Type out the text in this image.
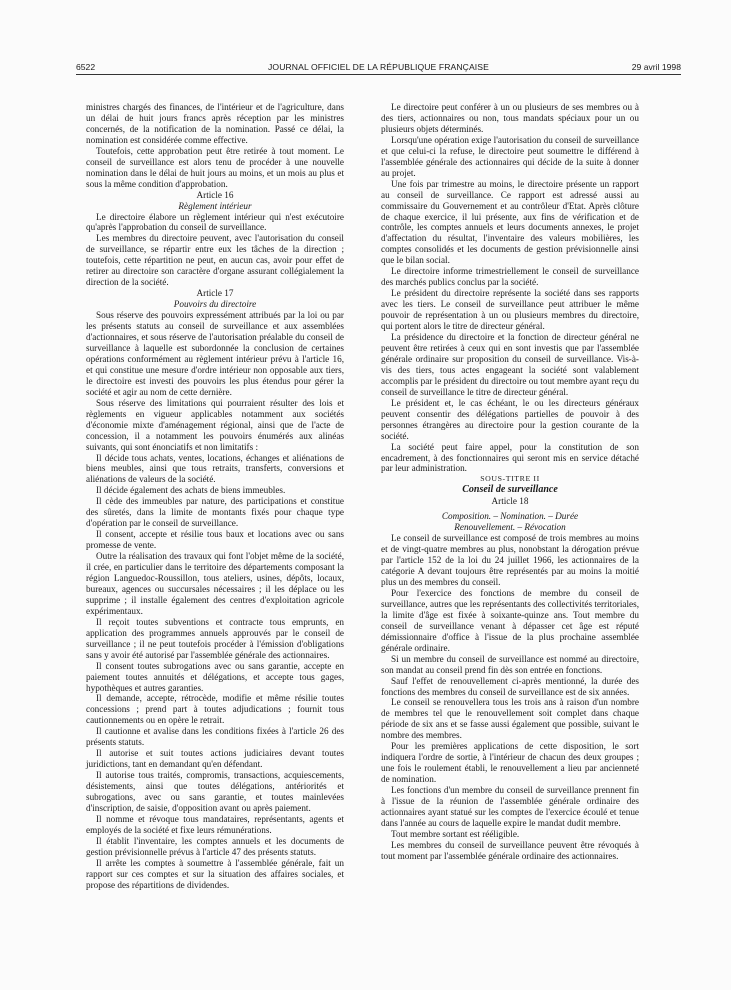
6522	JOURNAL OFFICIEL DE LA RÉPUBLIQUE FRANÇAISE	29 avril 1998

ministres chargés des finances, de l'intérieur et de l'agriculture, dans un délai de huit jours francs après réception par les ministres concernés, de la notification de la nomination. Passé ce délai, la nomination est considérée comme effective.

Toutefois, cette approbation peut être retirée à tout moment. Le conseil de surveillance est alors tenu de procéder à une nouvelle nomination dans le délai de huit jours au moins, et un mois au plus et sous la même condition d'approbation.

Article 16

Règlement intérieur

Le directoire élabore un règlement intérieur qui n'est exécutoire qu'après l'approbation du conseil de surveillance.

Les membres du directoire peuvent, avec l'autorisation du conseil de surveillance, se répartir entre eux les tâches de la direction ; toutefois, cette répartition ne peut, en aucun cas, avoir pour effet de retirer au directoire son caractère d'organe assurant collégialement la direction de la société.

Article 17

Pouvoirs du directoire

Sous réserve des pouvoirs expressément attribués par la loi ou par les présents statuts au conseil de surveillance et aux assemblées d'actionnaires, et sous réserve de l'autorisation préalable du conseil de surveillance à laquelle est subordonnée la conclusion de certaines opérations conformément au règlement intérieur prévu à l'article 16, et qui constitue une mesure d'ordre intérieur non opposable aux tiers, le directoire est investi des pouvoirs les plus étendus pour gérer la société et agir au nom de cette dernière.

Sous réserve des limitations qui pourraient résulter des lois et règlements en vigueur applicables notamment aux sociétés d'économie mixte d'aménagement régional, ainsi que de l'acte de concession, il a notamment les pouvoirs énumérés aux alinéas suivants, qui sont énonciatifs et non limitatifs :

Il décide tous achats, ventes, locations, échanges et aliénations de biens meubles, ainsi que tous retraits, transferts, conversions et aliénations de valeurs de la société.

Il décide également des achats de biens immeubles.

Il cède des immeubles par nature, des participations et constitue des sûretés, dans la limite de montants fixés pour chaque type d'opération par le conseil de surveillance.

Il consent, accepte et résilie tous baux et locations avec ou sans promesse de vente.

Outre la réalisation des travaux qui font l'objet même de la société, il crée, en particulier dans le territoire des départements composant la région Languedoc-Roussillon, tous ateliers, usines, dépôts, locaux, bureaux, agences ou succursales nécessaires ; il les déplace ou les supprime ; il installe également des centres d'exploitation agricole expérimentaux.

Il reçoit toutes subventions et contracte tous emprunts, en application des programmes annuels approuvés par le conseil de surveillance ; il ne peut toutefois procéder à l'émission d'obligations sans y avoir été autorisé par l'assemblée générale des actionnaires.

Il consent toutes subrogations avec ou sans garantie, accepte en paiement toutes annuités et délégations, et accepte tous gages, hypothèques et autres garanties.

Il demande, accepte, rétrocède, modifie et même résilie toutes concessions ; prend part à toutes adjudications ; fournit tous cautionnements ou en opère le retrait.

Il cautionne et avalise dans les conditions fixées à l'article 26 des présents statuts.

Il autorise et suit toutes actions judiciaires devant toutes juridictions, tant en demandant qu'en défendant.

Il autorise tous traités, compromis, transactions, acquiescements, désistements, ainsi que toutes délégations, antériorités et subrogations, avec ou sans garantie, et toutes mainlevées d'inscription, de saisie, d'opposition avant ou après paiement.

Il nomme et révoque tous mandataires, représentants, agents et employés de la société et fixe leurs rémunérations.

Il établit l'inventaire, les comptes annuels et les documents de gestion prévisionnelle prévus à l'article 47 des présents statuts.

Il arrête les comptes à soumettre à l'assemblée générale, fait un rapport sur ces comptes et sur la situation des affaires sociales, et propose des répartitions de dividendes.

Le directoire peut conférer à un ou plusieurs de ses membres ou à des tiers, actionnaires ou non, tous mandats spéciaux pour un ou plusieurs objets déterminés.

Lorsqu'une opération exige l'autorisation du conseil de surveillance et que celui-ci la refuse, le directoire peut soumettre le différend à l'assemblée générale des actionnaires qui décide de la suite à donner au projet.

Une fois par trimestre au moins, le directoire présente un rapport au conseil de surveillance. Ce rapport est adressé aussi au commissaire du Gouvernement et au contrôleur d'Etat. Après clôture de chaque exercice, il lui présente, aux fins de vérification et de contrôle, les comptes annuels et leurs documents annexes, le projet d'affectation du résultat, l'inventaire des valeurs mobilières, les comptes consolidés et les documents de gestion prévisionnelle ainsi que le bilan social.

Le directoire informe trimestriellement le conseil de surveillance des marchés publics conclus par la société.

Le président du directoire représente la société dans ses rapports avec les tiers. Le conseil de surveillance peut attribuer le même pouvoir de représentation à un ou plusieurs membres du directoire, qui portent alors le titre de directeur général.

La présidence du directoire et la fonction de directeur général ne peuvent être retirées à ceux qui en sont investis que par l'assemblée générale ordinaire sur proposition du conseil de surveillance. Vis-à-vis des tiers, tous actes engageant la société sont valablement accomplis par le président du directoire ou tout membre ayant reçu du conseil de surveillance le titre de directeur général.

Le président et, le cas échéant, le ou les directeurs généraux peuvent consentir des délégations partielles de pouvoir à des personnes étrangères au directoire pour la gestion courante de la société.

La société peut faire appel, pour la constitution de son encadrement, à des fonctionnaires qui seront mis en service détaché par leur administration.

SOUS-TITRE II

Conseil de surveillance

Article 18

Composition. – Nomination. – Durée

Renouvellement. – Révocation

Le conseil de surveillance est composé de trois membres au moins et de vingt-quatre membres au plus, nonobstant la dérogation prévue par l'article 152 de la loi du 24 juillet 1966, les actionnaires de la catégorie A devant toujours être représentés par au moins la moitié plus un des membres du conseil.

Pour l'exercice des fonctions de membre du conseil de surveillance, autres que les représentants des collectivités territoriales, la limite d'âge est fixée à soixante-quinze ans. Tout membre du conseil de surveillance venant à dépasser cet âge est réputé démissionnaire d'office à l'issue de la plus prochaine assemblée générale ordinaire.

Si un membre du conseil de surveillance est nommé au directoire, son mandat au conseil prend fin dès son entrée en fonctions.

Sauf l'effet de renouvellement ci-après mentionné, la durée des fonctions des membres du conseil de surveillance est de six années.

Le conseil se renouvellera tous les trois ans à raison d'un nombre de membres tel que le renouvellement soit complet dans chaque période de six ans et se fasse aussi également que possible, suivant le nombre des membres.

Pour les premières applications de cette disposition, le sort indiquera l'ordre de sortie, à l'intérieur de chacun des deux groupes ; une fois le roulement établi, le renouvellement a lieu par ancienneté de nomination.

Les fonctions d'un membre du conseil de surveillance prennent fin à l'issue de la réunion de l'assemblée générale ordinaire des actionnaires ayant statué sur les comptes de l'exercice écoulé et tenue dans l'année au cours de laquelle expire le mandat dudit membre.

Tout membre sortant est rééligible.

Les membres du conseil de surveillance peuvent être révoqués à tout moment par l'assemblée générale ordinaire des actionnaires.
